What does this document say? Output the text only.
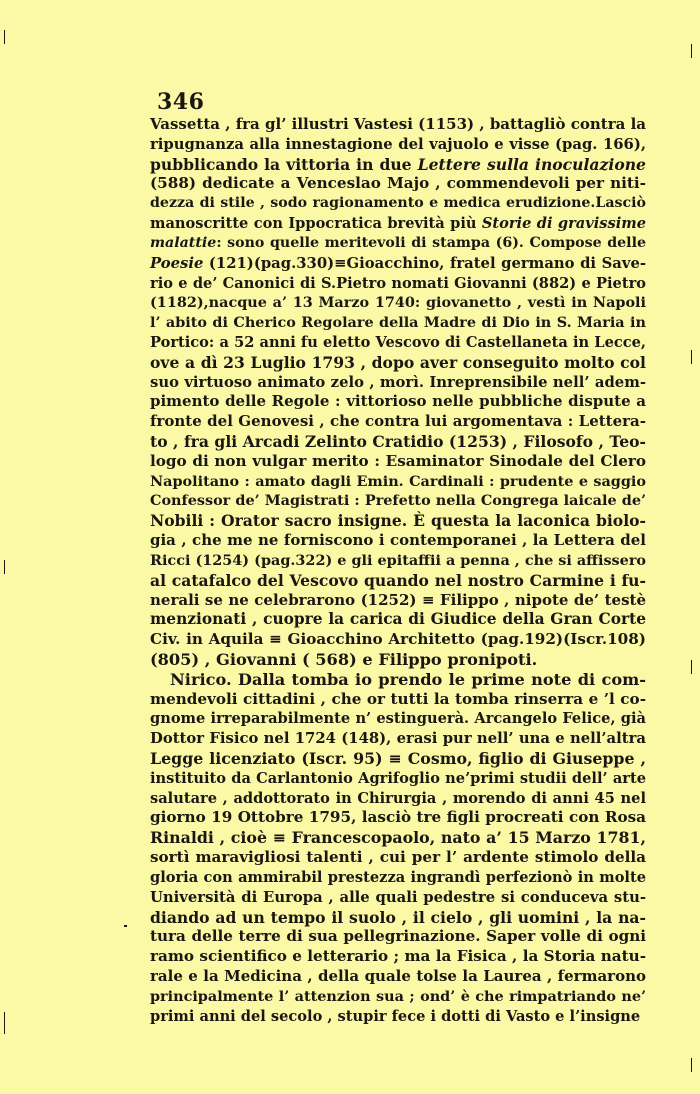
346
Vassetta , fra gl’ illustri Vastesi (1153) , battagliò contra la
ripugnanza alla innestagione del vajuolo e visse (pag. 166),
pubblicando la vittoria in due Lettere sulla inoculazione
(588) dedicate a Venceslao Majo , commendevoli per niti-
dezza di stile , sodo ragionamento e medica erudizione.Lasciò
manoscritte con Ippocratica brevità più Storie di gravissime
malattie: sono quelle meritevoli di stampa (6). Compose delle
Poesie (121)(pag.330)≡Gioacchino, fratel germano di Save-
rio e de’ Canonici di S.Pietro nomati Giovanni (882) e Pietro
(1182),nacque a’ 13 Marzo 1740: giovanetto , vestì in Napoli
l’ abito di Cherico Regolare della Madre di Dio in S. Maria in
Portico: a 52 anni fu eletto Vescovo di Castellaneta in Lecce,
ove a dì 23 Luglio 1793 , dopo aver conseguito molto col
suo virtuoso animato zelo , morì. Inreprensibile nell’ adem-
pimento delle Regole : vittorioso nelle pubbliche dispute a
fronte del Genovesi , che contra lui argomentava : Lettera-
to , fra gli Arcadi Zelinto Cratidio (1253) , Filosofo , Teo-
logo di non vulgar merito : Esaminator Sinodale del Clero
Napolitano : amato dagli Emin. Cardinali : prudente e saggio
Confessor de’ Magistrati : Prefetto nella Congrega laicale de’
Nobili : Orator sacro insigne. È questa la laconica biolo-
gia , che me ne forniscono i contemporanei , la Lettera del
Ricci (1254) (pag.322) e gli epitaffii a penna , che si affissero
al catafalco del Vescovo quando nel nostro Carmine i fu-
nerali se ne celebrarono (1252) ≡ Filippo , nipote de’ testè
menzionati , cuopre la carica di Giudice della Gran Corte
Civ. in Aquila ≡ Gioacchino Architetto (pag.192)(Iscr.108)
(805) , Giovanni ( 568) e Filippo pronipoti.
Nirico. Dalla tomba io prendo le prime note di com-
mendevoli cittadini , che or tutti la tomba rinserra e ’l co-
gnome irreparabilmente n’ estinguerà. Arcangelo Felice, già
Dottor Fisico nel 1724 (148), erasi pur nell’ una e nell’altra
Legge licenziato (Iscr. 95) ≡ Cosmo, figlio di Giuseppe ,
instituito da Carlantonio Agrifoglio ne’primi studii dell’ arte
salutare , addottorato in Chirurgia , morendo di anni 45 nel
giorno 19 Ottobre 1795, lasciò tre figli procreati con Rosa
Rinaldi , cioè ≡ Francescopaolo, nato a’ 15 Marzo 1781,
sortì maravigliosi talenti , cui per l’ ardente stimolo della
gloria con ammirabil prestezza ingrandì perfezionò in molte
Università di Europa , alle quali pedestre si conduceva stu-
diando ad un tempo il suolo , il cielo , gli uomini , la na-
tura delle terre di sua pellegrinazione. Saper volle di ogni
ramo scientifico e letterario ; ma la Fisica , la Storia natu-
rale e la Medicina , della quale tolse la Laurea , fermarono
principalmente l’ attenzion sua ; ond’ è che rimpatriando ne’
primi anni del secolo , stupir fece i dotti di Vasto e l’insigne
